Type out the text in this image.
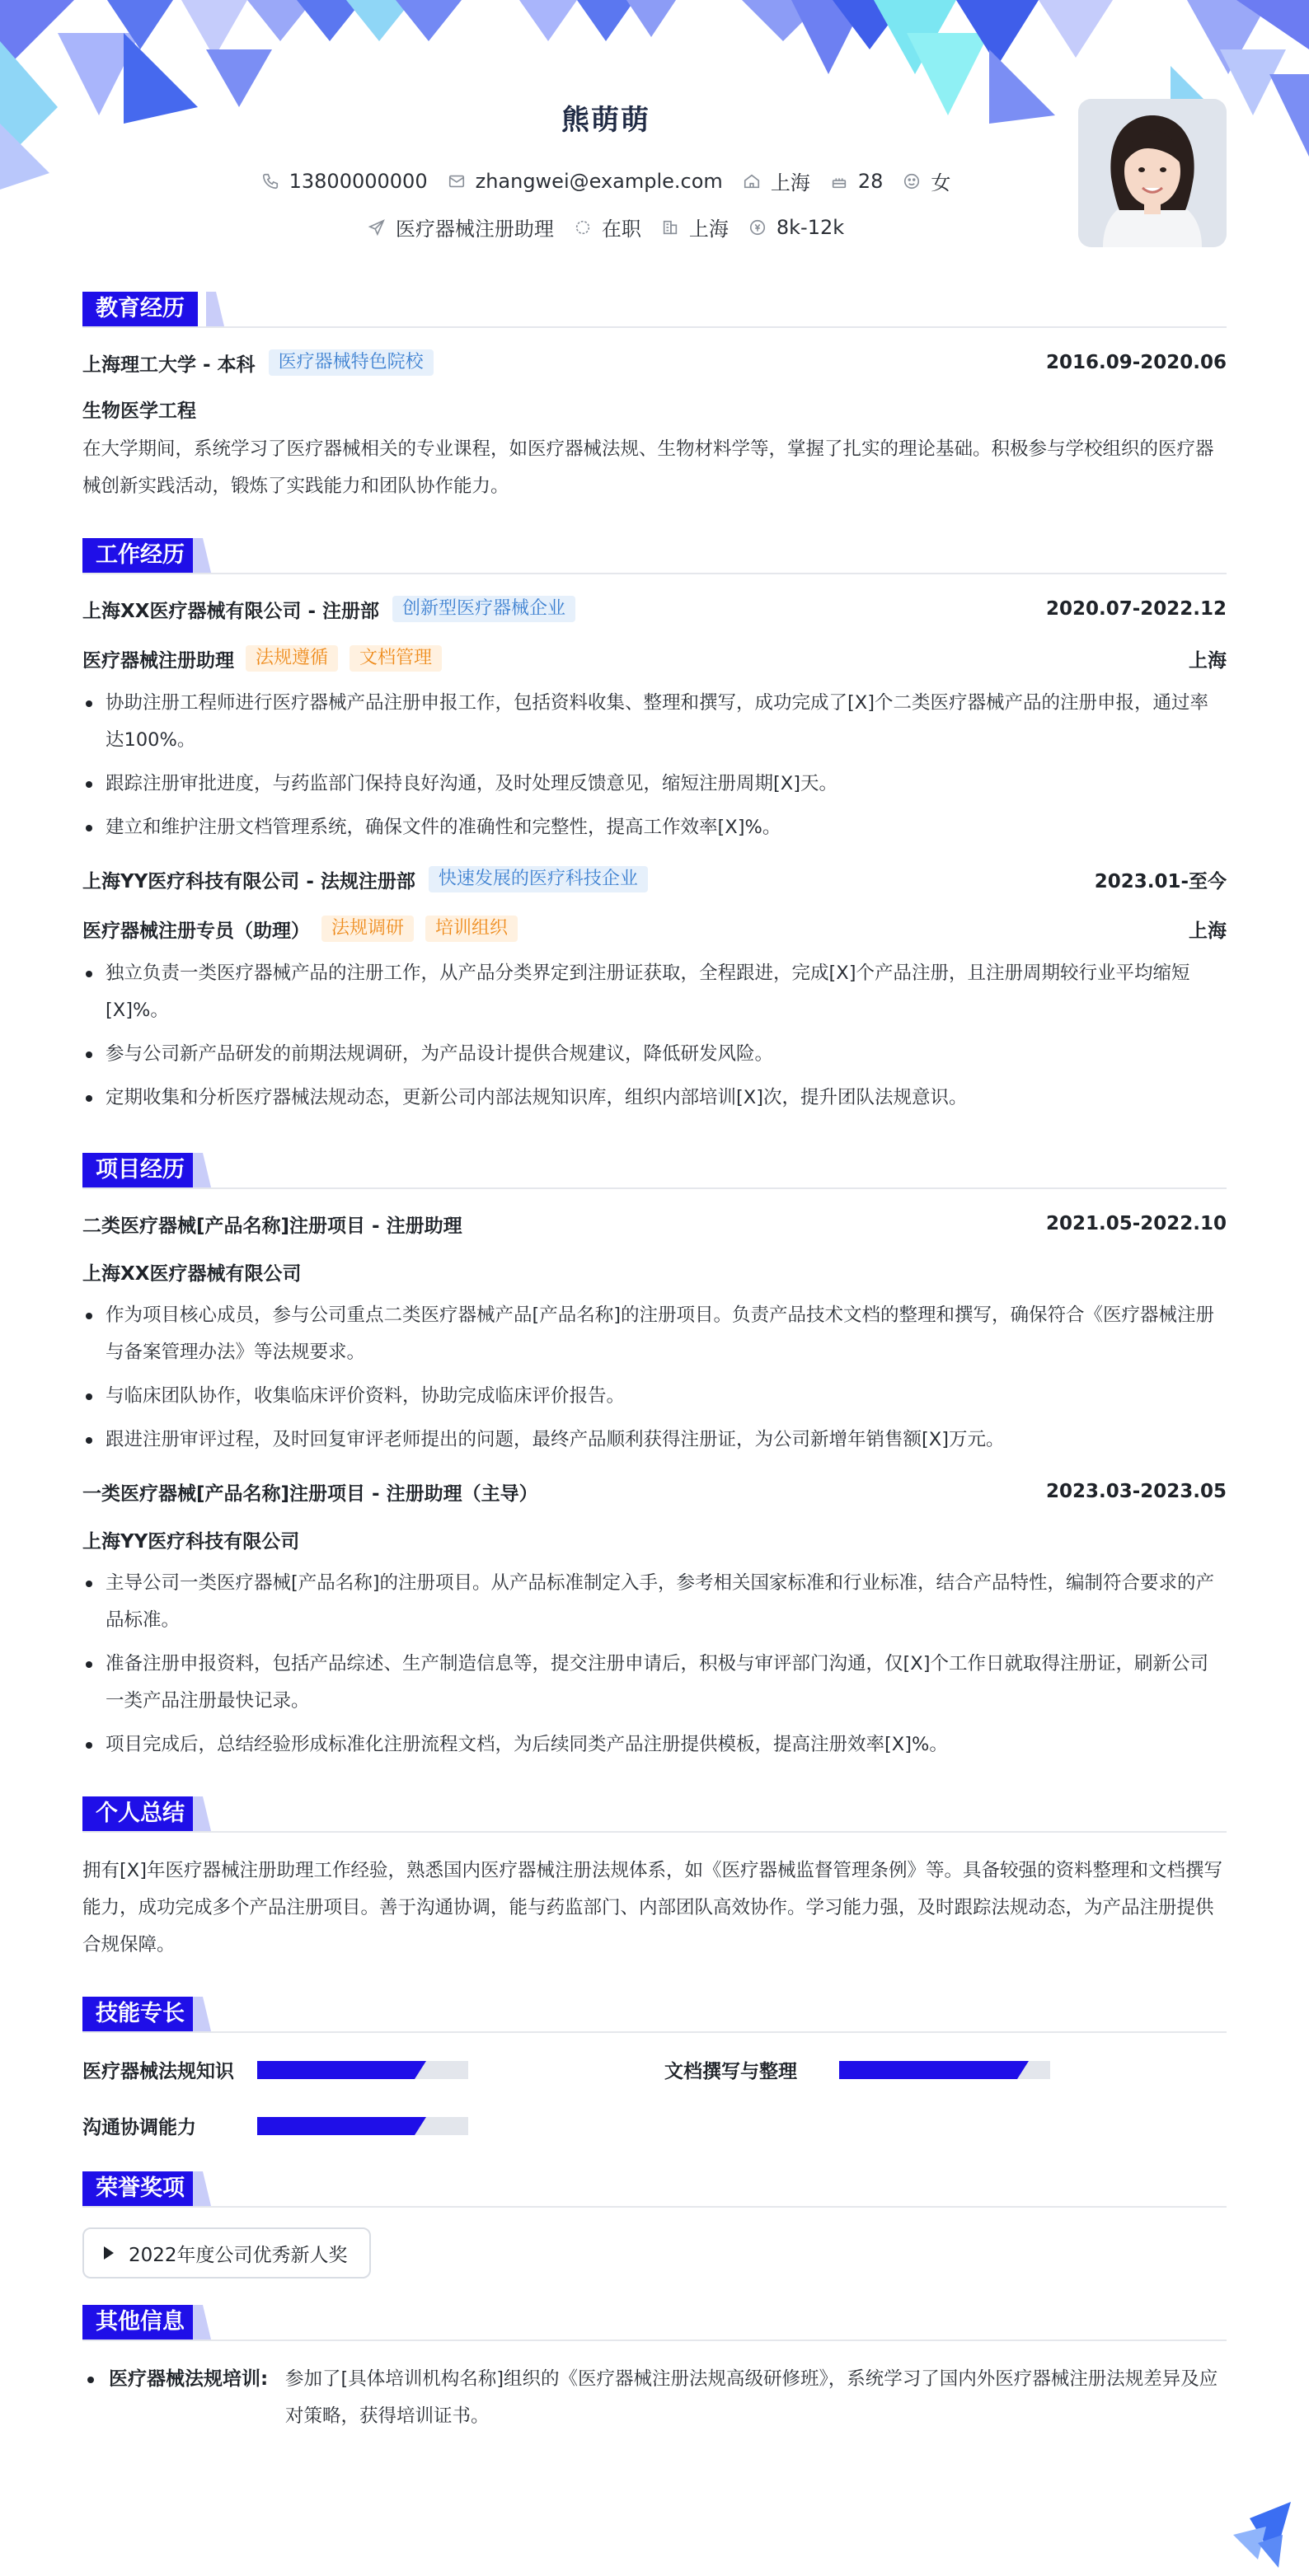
熊萌萌
13800000000 zhangwei@example.com 上海 28 女
医疗器械注册助理 在职 上海 8k-12k
教育经历
上海理工大学 - 本科	医疗器械特色院校	2016.09-2020.06
生物医学工程
在大学期间，系统学习了医疗器械相关的专业课程，如医疗器械法规、生物材料学等，掌握了扎实的理论基础。积极参与学校组织的医疗器械创新实践活动，锻炼了实践能力和团队协作能力。
工作经历
上海XX医疗器械有限公司 - 注册部	创新型医疗器械企业	2020.07-2022.12
医疗器械注册助理	法规遵循	文档管理	上海
协助注册工程师进行医疗器械产品注册申报工作，包括资料收集、整理和撰写，成功完成了[X]个二类医疗器械产品的注册申报，通过率达100%。
跟踪注册审批进度，与药监部门保持良好沟通，及时处理反馈意见，缩短注册周期[X]天。
建立和维护注册文档管理系统，确保文件的准确性和完整性，提高工作效率[X]%。
上海YY医疗科技有限公司 - 法规注册部	快速发展的医疗科技企业	2023.01-至今
医疗器械注册专员（助理）	法规调研	培训组织	上海
独立负责一类医疗器械产品的注册工作，从产品分类界定到注册证获取，全程跟进，完成[X]个产品注册，且注册周期较行业平均缩短[X]%。
参与公司新产品研发的前期法规调研，为产品设计提供合规建议，降低研发风险。
定期收集和分析医疗器械法规动态，更新公司内部法规知识库，组织内部培训[X]次，提升团队法规意识。
项目经历
二类医疗器械[产品名称]注册项目 - 注册助理	2021.05-2022.10
上海XX医疗器械有限公司
作为项目核心成员，参与公司重点二类医疗器械产品[产品名称]的注册项目。负责产品技术文档的整理和撰写，确保符合《医疗器械注册与备案管理办法》等法规要求。
与临床团队协作，收集临床评价资料，协助完成临床评价报告。
跟进注册审评过程，及时回复审评老师提出的问题，最终产品顺利获得注册证，为公司新增年销售额[X]万元。
一类医疗器械[产品名称]注册项目 - 注册助理（主导）	2023.03-2023.05
上海YY医疗科技有限公司
主导公司一类医疗器械[产品名称]的注册项目。从产品标准制定入手，参考相关国家标准和行业标准，结合产品特性，编制符合要求的产品标准。
准备注册申报资料，包括产品综述、生产制造信息等，提交注册申请后，积极与审评部门沟通，仅[X]个工作日就取得注册证，刷新公司一类产品注册最快记录。
项目完成后，总结经验形成标准化注册流程文档，为后续同类产品注册提供模板，提高注册效率[X]%。
个人总结
拥有[X]年医疗器械注册助理工作经验，熟悉国内医疗器械注册法规体系，如《医疗器械监督管理条例》等。具备较强的资料整理和文档撰写能力，成功完成多个产品注册项目。善于沟通协调，能与药监部门、内部团队高效协作。学习能力强，及时跟踪法规动态，为产品注册提供合规保障。
技能专长
医疗器械法规知识	文档撰写与整理
沟通协调能力
荣誉奖项
2022年度公司优秀新人奖
其他信息
医疗器械法规培训: 参加了[具体培训机构名称]组织的《医疗器械注册法规高级研修班》，系统学习了国内外医疗器械注册法规差异及应对策略，获得培训证书。
